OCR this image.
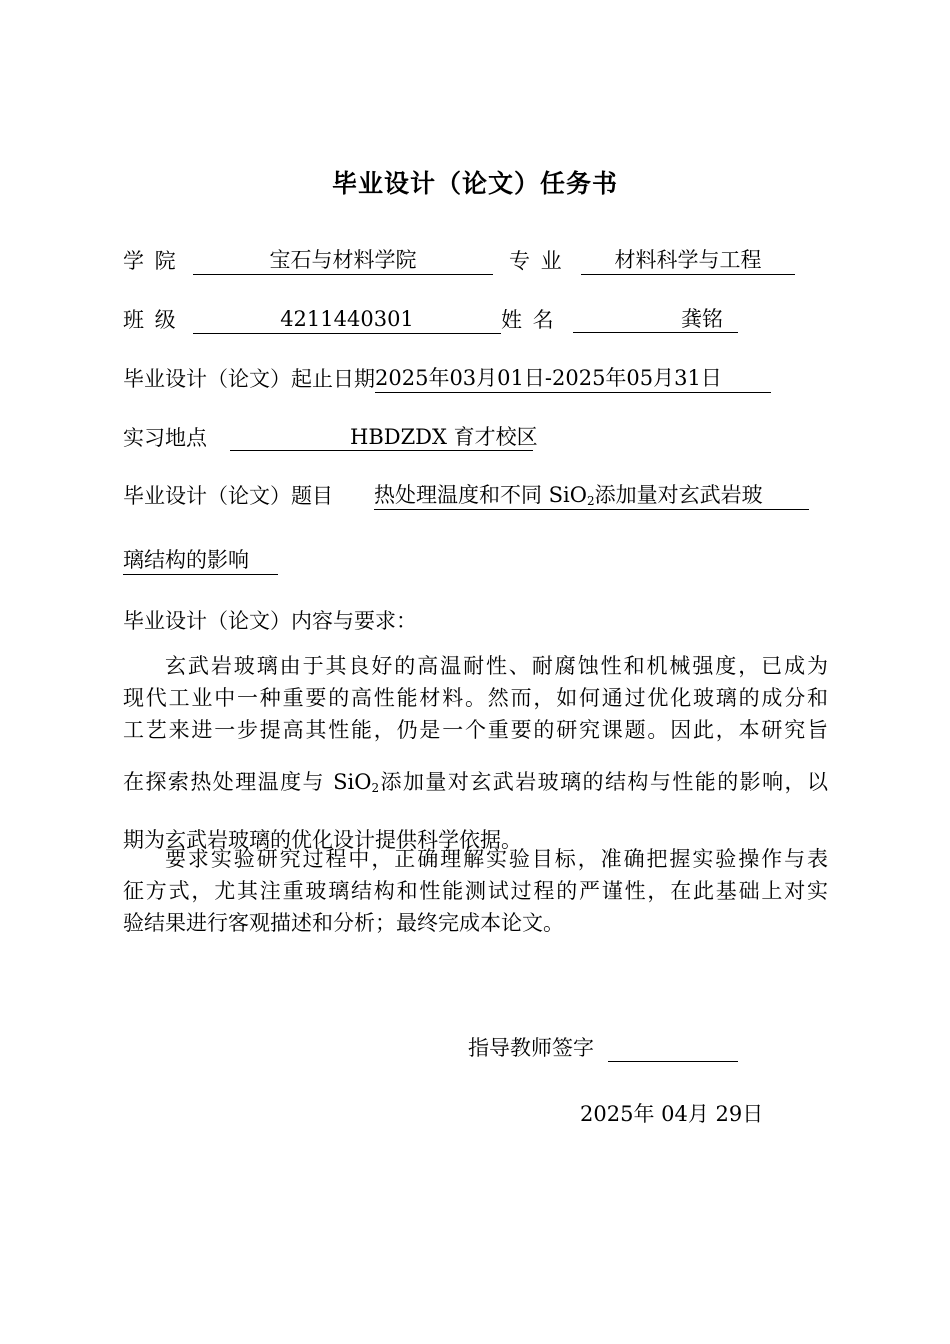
毕业设计（论文）任务书
学 院	宝石与材料学院	专 业 材料科学与工程
班 级	4211440301	姓 名	龚铭
毕业设计（论文）起止日期2025年03月01日-2025年05月31日
实习地点	HBDZDX 育才校区
毕业设计（论文）题目 热处理温度和不同 SiO$_2$添加量对玄武岩玻
璃结构的影响
毕业设计（论文）内容与要求：
玄武岩玻璃由于其良好的高温耐性、耐腐蚀性和机械强度，已成为
现代工业中一种重要的高性能材料。然而，如何通过优化玻璃的成分和
工艺来进一步提高其性能，仍是一个重要的研究课题。因此，本研究旨
在探索热处理温度与 SiO$_2$添加量对玄武岩玻璃的结构与性能的影响，以
期为玄武岩玻璃的优化设计提供科学依据。
要求实验研究过程中，正确理解实验目标，准确把握实验操作与表
征方式，尤其注重玻璃结构和性能测试过程的严谨性，在此基础上对实
验结果进行客观描述和分析；最终完成本论文。
指导教师签字
2025年 04月 29日
